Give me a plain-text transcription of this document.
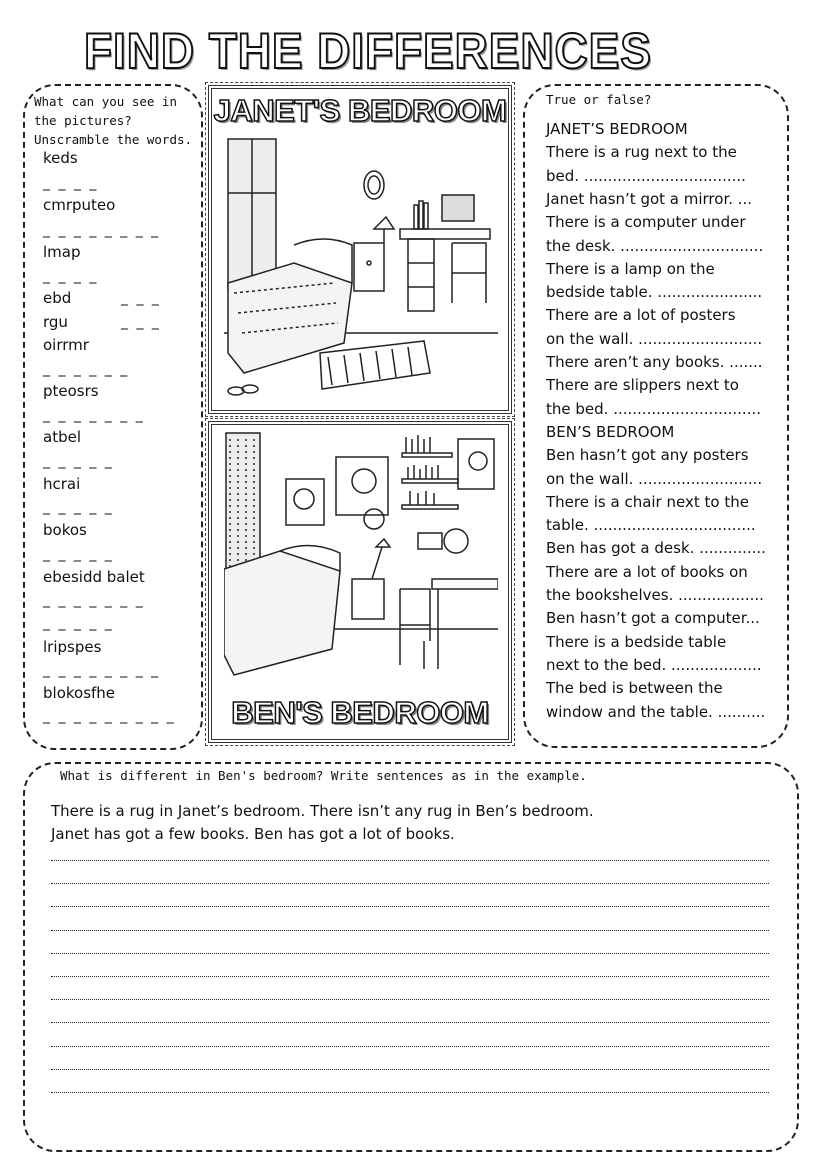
FIND THE DIFFERENCES
What can you see in
the pictures?
Unscramble the words.
keds
_ _ _ _
cmrputeo
_ _ _ _ _ _ _ _
lmap
_ _ _ _
ebd	_ _ _
rgu	_ _ _
oirrmr
_ _ _ _ _ _
pteosrs
_ _ _ _ _ _ _
atbel
_ _ _ _ _
hcrai
_ _ _ _ _
bokos
_ _ _ _ _
ebesidd balet
_ _ _ _ _ _ _
_ _ _ _ _
lripspes
_ _ _ _ _ _ _ _
blokosfhe
_ _ _ _ _ _ _ _ _
JANET'S BEDROOM
BEN'S BEDROOM
True or false?
JANET’S BEDROOM
There is a rug next to the
bed. ..................................
Janet hasn’t got a mirror. ...
There is a computer under
the desk. ..............................
There is a lamp on the
bedside table. ......................
There are a lot of posters
on the wall. ..........................
There aren’t any books. .......
There are slippers next to
the bed. ...............................
BEN’S BEDROOM
Ben hasn’t got any posters
on the wall. ..........................
There is a chair next to the
table. ..................................
Ben has got a desk. ..............
There are a lot of books on
the bookshelves. ..................
Ben hasn’t got a computer...
There is a bedside table
next to the bed. ...................
The bed is between the
window and the table. ..........
What is different in Ben's bedroom? Write sentences as in the example.
There is a rug in Janet’s bedroom. There isn’t any rug in Ben’s bedroom.
Janet has got a few books. Ben has got a lot of books.
